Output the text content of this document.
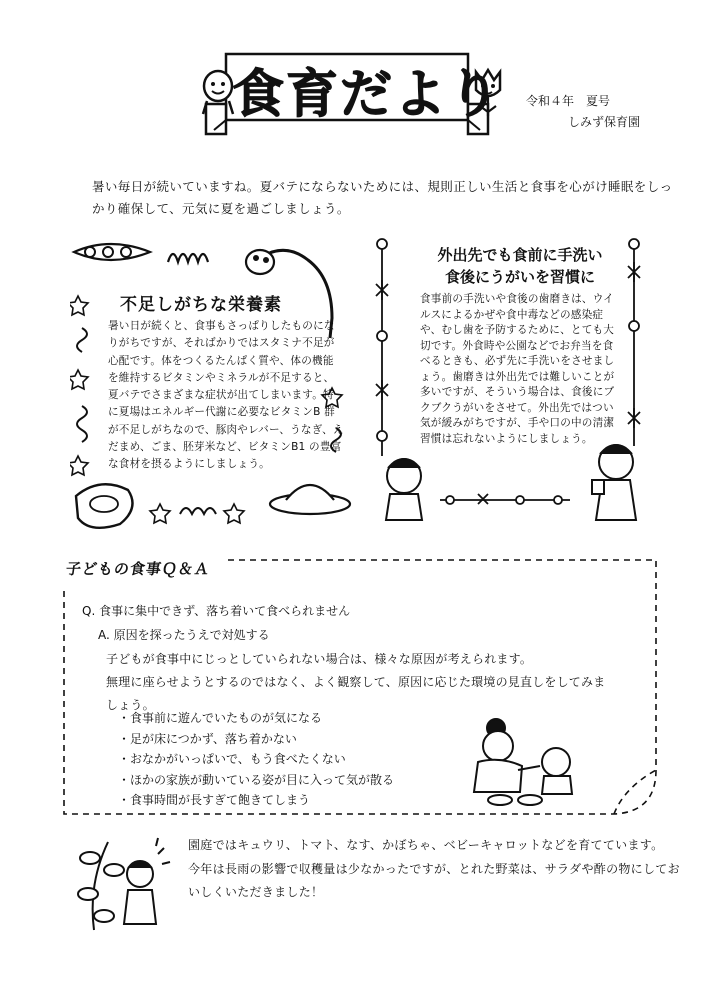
食育だより 令和４年　夏号
しみず保育園
暑い毎日が続いていますね。夏バテにならないためには、規則正しい生活と食事を心がけ睡眠をしっかり確保して、元気に夏を過ごしましょう。
不足しがちな栄養素
暑い日が続くと、食事もさっぱりしたものになりがちですが、そればかりではスタミナ不足が心配です。体をつくるたんぱく質や、体の機能を維持するビタミンやミネラルが不足すると、夏バテでさまざまな症状が出てしまいます。特に夏場はエネルギー代謝に必要なビタミンB 群が不足しがちなので、豚肉やレバー、うなぎ、えだまめ、ごま、胚芽米など、ビタミンB1 の豊富な食材を摂るようにしましょう。
外出先でも食前に手洗い
食後にうがいを習慣に
食事前の手洗いや食後の歯磨きは、ウイルスによるかぜや食中毒などの感染症や、むし歯を予防するために、とても大切です。外食時や公園などでお弁当を食べるときも、必ず先に手洗いをさせましょう。歯磨きは外出先では難しいことが多いですが、そういう場合は、食後にブクブクうがいをさせて。外出先ではつい気が緩みがちですが、手や口の中の清潔習慣は忘れないようにしましょう。
子どもの食事Ｑ＆Ａ
Q. 食事に集中できず、落ち着いて食べられません
A. 原因を探ったうえで対処する
子どもが食事中にじっとしていられない場合は、様々な原因が考えられます。
無理に座らせようとするのではなく、よく観察して、原因に応じた環境の見直しをしてみましょう。
・ 食事前に遊んでいたものが気になる
・ 足が床につかず、落ち着かない
・ おなかがいっぱいで、もう食べたくない
・ ほかの家族が動いている姿が目に入って気が散る
・ 食事時間が長すぎて飽きてしまう
園庭ではキュウリ、トマト、なす、かぼちゃ、ベビーキャロットなどを育てています。
今年は長雨の影響で収穫量は少なかったですが、とれた野菜は、サラダや酢の物にしておいしくいただきました！
